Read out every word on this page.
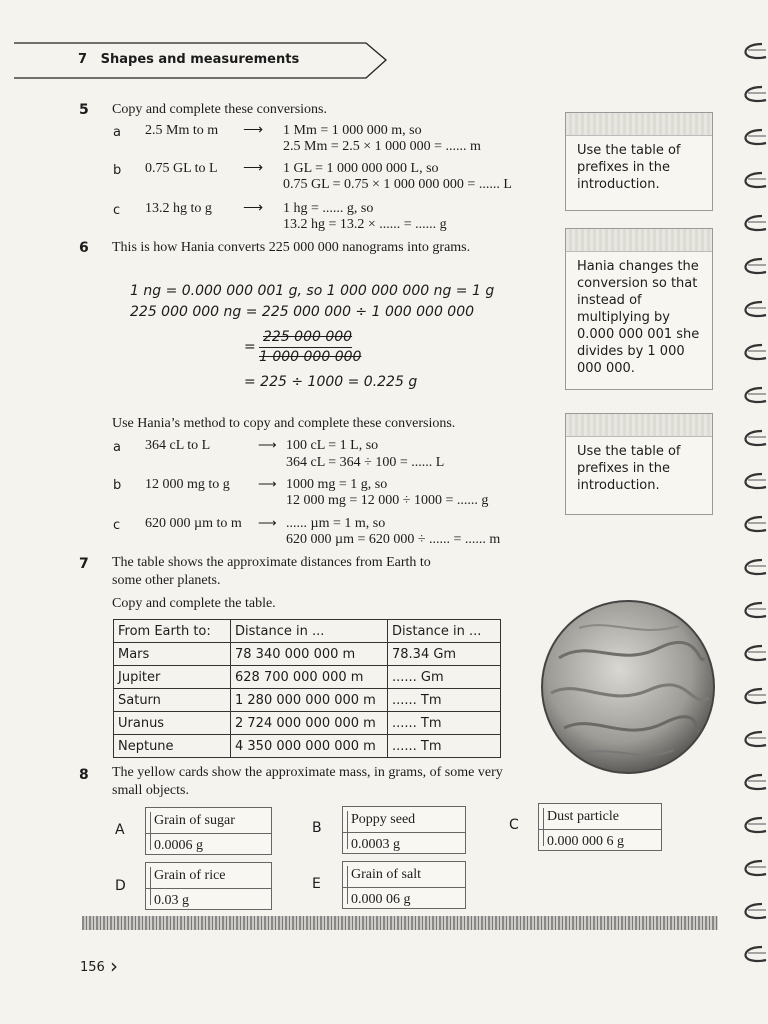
7 Shapes and measurements
5 Copy and complete these conversions.
a 2.5 Mm to m ⟶ 1 Mm = 1 000 000 m, so
2.5 Mm = 2.5 × 1 000 000 = ...... m
b 0.75 GL to L ⟶ 1 GL = 1 000 000 000 L, so
0.75 GL = 0.75 × 1 000 000 000 = ...... L
c 13.2 hg to g ⟶ 1 hg = ...... g, so
13.2 hg = 13.2 × ...... = ...... g
Use the table of prefixes in the introduction.
6 This is how Hania converts 225 000 000 nanograms into grams.
1 ng = 0.000 000 001 g, so 1 000 000 000 ng = 1 g
225 000 000 ng = 225 000 000 ÷ 1 000 000 000
=
225 000 000
1 000 000 000
= 225 ÷ 1000 = 0.225 g
Hania changes the conversion so that instead of multiplying by 0.000 000 001 she divides by 1 000 000 000.
Use Hania’s method to copy and complete these conversions.
a 364 cL to L	⟶ 100 cL = 1 L, so
364 cL = 364 ÷ 100 = ...... L
b 12 000 mg to g ⟶ 1000 mg = 1 g, so
12 000 mg = 12 000 ÷ 1000 = ...... g
c 620 000 µm to m ⟶ ...... µm = 1 m, so
620 000 µm = 620 000 ÷ ...... = ...... m
Use the table of prefixes in the introduction.
7 The table shows the approximate distances from Earth to
some other planets.
Copy and complete the table.
From Earth to:	Distance in ...	Distance in ...
Mars	78 340 000 000 m	78.34 Gm
Jupiter	628 700 000 000 m	...... Gm
Saturn	1 280 000 000 000 m	...... Tm
Uranus	2 724 000 000 000 m	...... Tm
Neptune	4 350 000 000 000 m	...... Tm
8 The yellow cards show the approximate mass, in grams, of some very
small objects.
A
Grain of sugar
0.0006 g
B
Poppy seed
0.0003 g
C
Dust particle
0.000 000 6 g
D
Grain of rice
0.03 g
E
Grain of salt
0.000 06 g
156 ›
